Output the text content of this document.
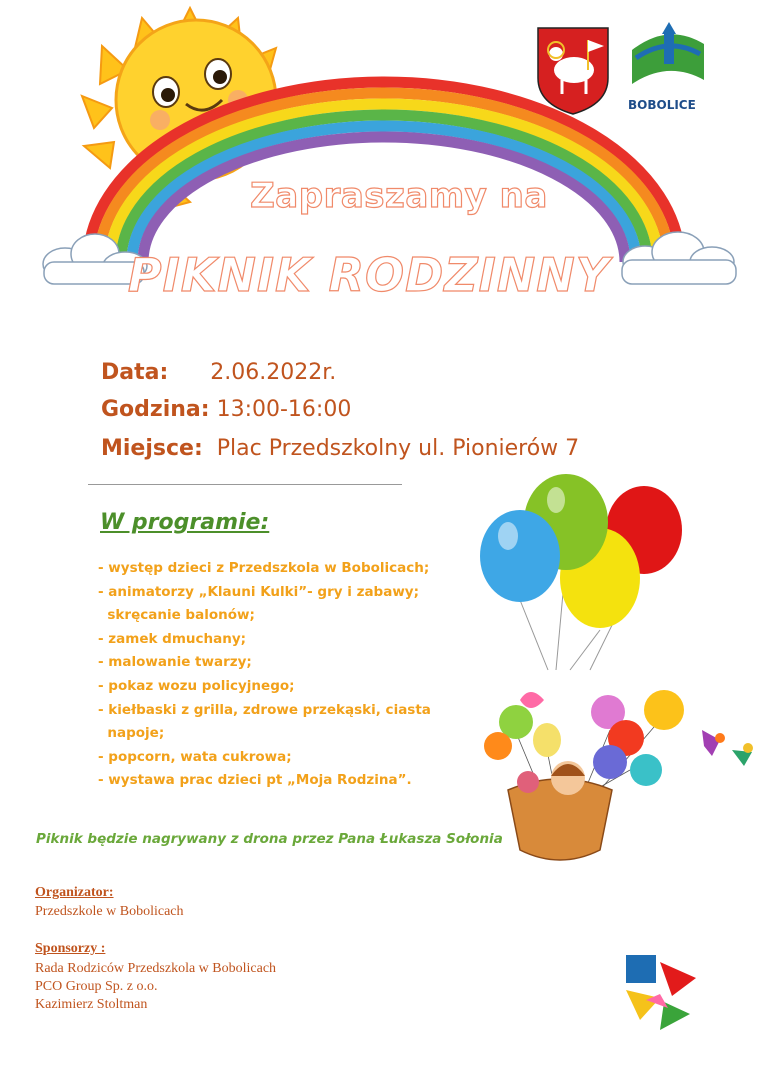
Zapraszamy na
PIKNIK RODZINNY
Data: 2.06.2022r.
Godzina: 13:00-16:00
Miejsce: Plac Przedszkolny ul. Pionierów 7
W programie:
- występ dzieci z Przedszkola w Bobolicach;
- animatorzy „Klauni Kulki”- gry i zabawy;
skręcanie balonów;
- zamek dmuchany;
- malowanie twarzy;
- pokaz wozu policyjnego;
- kiełbaski z grilla, zdrowe przekąski, ciasta
napoje;
- popcorn, wata cukrowa;
- wystawa prac dzieci pt „Moja Rodzina”.
Piknik będzie nagrywany z drona przez Pana Łukasza Sołonia
Organizator:
Przedszkole w Bobolicach
Sponsorzy :
Rada Rodziców Przedszkola w Bobolicach
PCO Group Sp. z o.o.
Kazimierz Stoltman
BOBOLICE
